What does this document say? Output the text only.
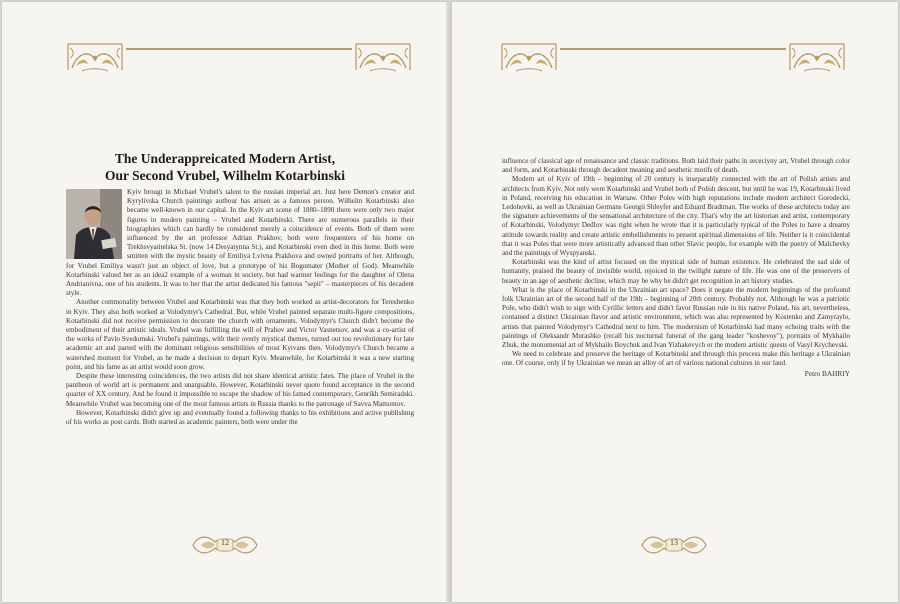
The Underappreicated Modern Artist,
Our Second Vrubel, Wilhelm Kotarbinski

Kyiv brougt in Michael Vrubel's talent to the russian imperial art. Just here Demon's creator and Kyrylivska Church paintings authour has arisen as a famous person. Wilhelm Kotarbinski also became well-known in our capital. In the Kyiv art scene of 1880–1890 there were only two major figures in modern painting – Vrubel and Kotarbinski. There are numerous parallels in their biographies which can hardly be considered merely a coincidence of events. Both of them were influenced by the art professor Adrian Prakhov, both were frequenters of his home on Trekhsvyatitelska St. (now 14 Desyatynna St.), and Kotarbinski even died in this home. Both were smitten with the mystic beauty of Emiliya Lvivna Prakhova and owned portraits of her. Although, for Vrubel Emiliya wasn't just an object of love, but a prototype of his Bogomater (Mother of God). Meanwhile Kotarbinski valued her as an idea2 example of a woman in society, but had warmer feelings for the daughter of Olena Andrianivna, one of his students. It was to her that the artist dedicated his famous "sepii" – masterpieces of his decadent style.

Another commonality between Vrubel and Kotarbinski was that they both worked as artist-decorators for Tereshenko in Kyiv. They also both worked at Volodymyr's Cathedral. But, while Vrubel painted separate multi-figure compositions, Kotarbinski did not receive permission to decorate the church with ornaments. Volodymyr's Church didn't become the embodiment of their artistic ideals. Vrubel was fulfilling the will of Prahov and Victor Vasnetsov, and was a co-artist of the works of Pavlo Svedomski. Vrubel's paintings, with their overly mystical themes, turned out too revolutionary for late academic art and parted with the dominant religious sensibilities of most Kyivans then. Volodymyr's Church became a watershed moment for Vrubel, as he made a decision to depart Kyiv. Meanwhile, for Kotarbinski it was a new starting point, and his fame as an artist would soon grow.

Despite these interesting coincidences, the two artists did not share identical artistic fates. The place of Vrubel in the pantheon of world art is permanent and unarguable. However, Kotarbinski never quote found acceptance in the second quarter of XX century. And he found it impossible to escape the shadow of his famed contemporary, Genrikh Semiradski. Meanwhile Vrubel was becoming one of the most famous artists in Russia thanks to the patronage of Savva Mamontov.

However, Kotarbinski didn't give up and eventually found a following thanks to his exhibitions and active publishing of his works as post cards. Both started as academic painters, both were under the

12

influence of classical age of renaissance and classic traditions. Both laid their paths in sececiyny art, Vrubel through color and form, and Kotarbinski through decadent meaning and aesthetic motifs of death.

Modern art of Kyiv of 19th – beginning of 20 century is inseparably connected with the art of Polish artists and architects from Kyiv. Not only were Kotarbinski and Vrubel both of Polish descent, but until he was 19, Kotarbinski lived in Poland, receiving his education in Warsaw. Other Poles with high reputations include modern architect Gorodecki, Ledohovki, as well as Ukrainian Germans Georgii Shleyfer and Eduard Bradtman. The works of these architects today are the signature achievements of the sensational architecture of the city. That's why the art historian and artist, contemporary of Kotarbinski, Volodymyr Dedlov was right when he wrote that it is particularly typical of the Poles to have a dreamy attitude towards reality and create artistic embellishments to present spiritual dimensions of life. Neither is it coincidental that it was Poles that were more artistically advanced than other Slavic people, for example with the poetry of Malchevky and the paintings of Wyspyanski.

Kotarbinski was the kind of artist focused on the mystical side of human existence. He celebrated the sad side of humanity, praised the beauty of invisible world, rejoiced in the twilight nature of life. He was one of the preservers of beauty in an age of aesthetic decline, which may be why he didn't get recognition in art history studies.

What is the place of Kotarbinski in the Ukrainian art space? Does it negate the modern beginnings of the profound folk Ukrainian art of the second half of the 19th – beginning of 20th century. Probably not. Although he was a patriotic Pole, who didn't wish to sign with Cyrillic letters and didn't favor Russian rule in his native Poland, his art, nevertheless, contained a distinct Ukrainian flavor and artistic environment, which was also represented by Kostenko and Zamyraylo, artists that painted Volodymyr's Cathedral next to him. The modernism of Kotarbinski had many echoing traits with the paintings of Oleksandr Murashko (recall his nocturnal funeral of the gang leader "koshevoy"), portraits of Mykhailo Zhuk, the monumental art of Mykhailo Boychuk and Ivan Yizhakevych or the modern artistic quests of Vasyl Krychevski.

We need to celebrate and preserve the heritage of Kotarbinski and through this process make this heritage a Ukrainian one. Of course, only if by Ukrainian we mean an alloy of art of various national cultures in our land.

Petro BAHRIY

13
